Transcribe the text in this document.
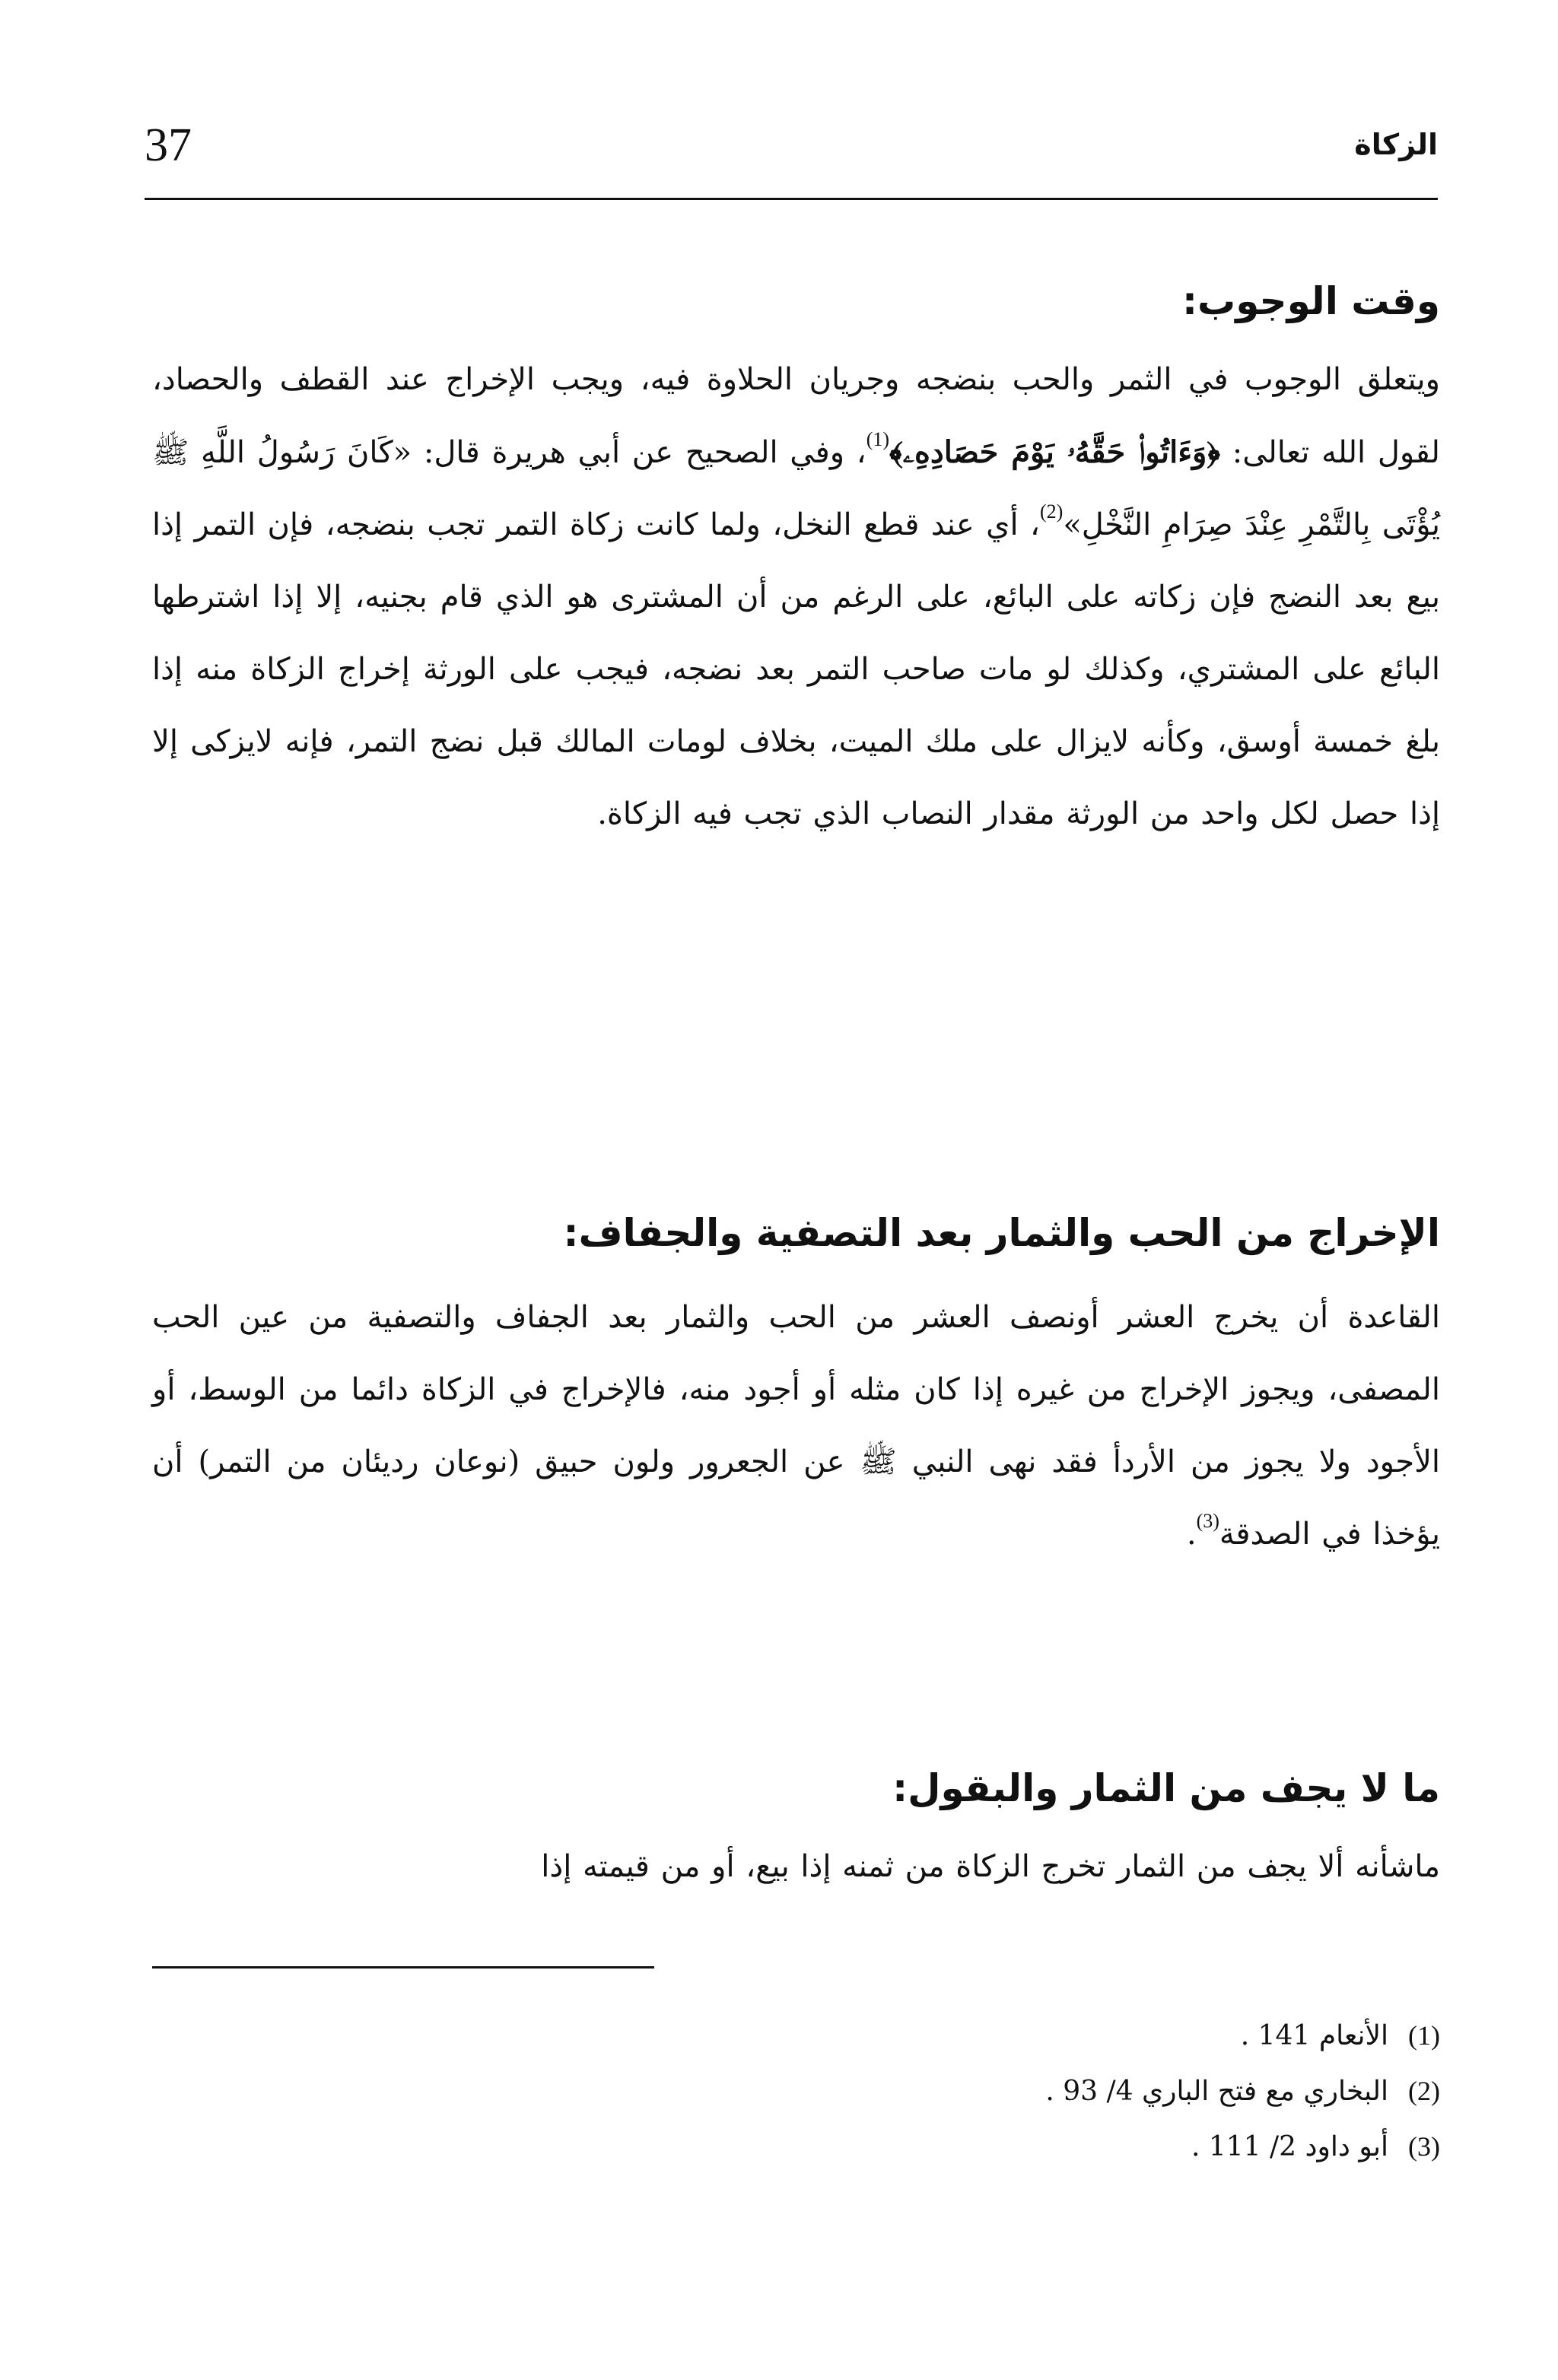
الزكاة
37
وقت الوجوب:

ويتعلق الوجوب في الثمر والحب بنضجه وجريان الحلاوة فيه، ويجب الإخراج عند القطف والحصاد، لقول الله تعالى: ﴿وَءَاتُوا۟ حَقَّهُۥ يَوْمَ حَصَادِهِۦ﴾$^{(1)}$، وفي الصحيح عن أبي هريرة قال: «كَانَ رَسُولُ اللَّهِ ﷺ يُؤْتَى بِالتَّمْرِ عِنْدَ صِرَامِ النَّخْلِ»$^{(2)}$، أي عند قطع النخل، ولما كانت زكاة التمر تجب بنضجه، فإن التمر إذا بيع بعد النضج فإن زكاته على البائع، على الرغم من أن المشترى هو الذي قام بجنيه، إلا إذا اشترطها البائع على المشتري، وكذلك لو مات صاحب التمر بعد نضجه، فيجب على الورثة إخراج الزكاة منه إذا بلغ خمسة أوسق، وكأنه لايزال على ملك الميت، بخلاف لومات المالك قبل نضج التمر، فإنه لايزكى إلا إذا حصل لكل واحد من الورثة مقدار النصاب الذي تجب فيه الزكاة.

الإخراج من الحب والثمار بعد التصفية والجفاف:

القاعدة أن يخرج العشر أونصف العشر من الحب والثمار بعد الجفاف والتصفية من عين الحب المصفى، ويجوز الإخراج من غيره إذا كان مثله أو أجود منه، فالإخراج في الزكاة دائما من الوسط، أو الأجود ولا يجوز من الأردأ فقد نهى النبي ﷺ عن الجعرور ولون حبيق (نوعان رديئان من التمر) أن يؤخذا في الصدقة$^{(3)}$.

ما لا يجف من الثمار والبقول:

ماشأنه ألا يجف من الثمار تخرج الزكاة من ثمنه إذا بيع، أو من قيمته إذا

(1)الأنعام 141 .
(2)البخاري مع فتح الباري 4/ 93 .
(3)أبو داود 2/ 111 .
